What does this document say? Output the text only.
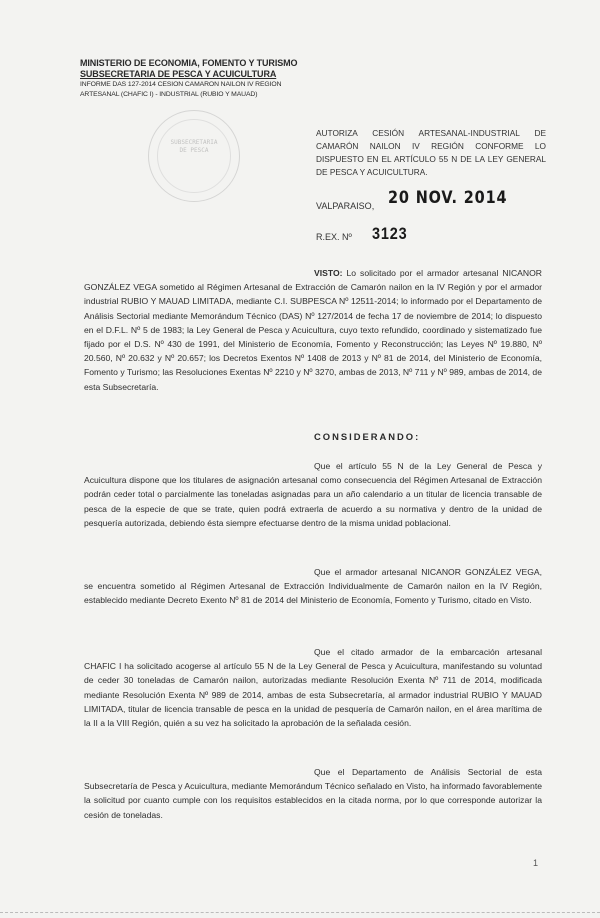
MINISTERIO DE ECONOMIA, FOMENTO Y TURISMO
SUBSECRETARIA DE PESCA Y ACUICULTURA
INFORME DAS 127-2014 CESION CAMARON NAILON IV REGION
ARTESANAL (CHAFIC I) - INDUSTRIAL (RUBIO Y MAUAD)
SUBSECRETARIA DE PESCA
AUTORIZA CESIÓN ARTESANAL-INDUSTRIAL DE CAMARÓN NAILON IV REGIÓN CONFORME LO DISPUESTO EN EL ARTÍCULO 55 N DE LA LEY GENERAL DE PESCA Y ACUICULTURA.
VALPARAISO, 20 NOV. 2014
R.EX. Nº 3123
VISTO: Lo solicitado por el armador artesanal NICANOR GONZÁLEZ VEGA sometido al Régimen Artesanal de Extracción de Camarón nailon en la IV Región y por el armador industrial RUBIO Y MAUAD LIMITADA, mediante C.I. SUBPESCA Nº 12511-2014; lo informado por el Departamento de Análisis Sectorial mediante Memorándum Técnico (DAS) Nº 127/2014 de fecha 17 de noviembre de 2014; lo dispuesto en el D.F.L. Nº 5 de 1983; la Ley General de Pesca y Acuicultura, cuyo texto refundido, coordinado y sistematizado fue fijado por el D.S. Nº 430 de 1991, del Ministerio de Economía, Fomento y Reconstrucción; las Leyes Nº 19.880, Nº 20.560, Nº 20.632 y Nº 20.657; los Decretos Exentos Nº 1408 de 2013 y Nº 81 de 2014, del Ministerio de Economía, Fomento y Turismo; las Resoluciones Exentas Nº 2210 y Nº 3270, ambas de 2013, Nº 711 y Nº 989, ambas de 2014, de esta Subsecretaría.
CONSIDERANDO:
Que el artículo 55 N de la Ley General de Pesca y Acuicultura dispone que los titulares de asignación artesanal como consecuencia del Régimen Artesanal de Extracción podrán ceder total o parcialmente las toneladas asignadas para un año calendario a un titular de licencia transable de pesca de la especie de que se trate, quien podrá extraerla de acuerdo a su normativa y dentro de la unidad de pesquería autorizada, debiendo ésta siempre efectuarse dentro de la misma unidad poblacional.
Que el armador artesanal NICANOR GONZÁLEZ VEGA, se encuentra sometido al Régimen Artesanal de Extracción Individualmente de Camarón nailon en la IV Región, establecido mediante Decreto Exento Nº 81 de 2014 del Ministerio de Economía, Fomento y Turismo, citado en Visto.
Que el citado armador de la embarcación artesanal CHAFIC I ha solicitado acogerse al artículo 55 N de la Ley General de Pesca y Acuicultura, manifestando su voluntad de ceder 30 toneladas de Camarón nailon, autorizadas mediante Resolución Exenta Nº 711 de 2014, modificada mediante Resolución Exenta Nº 989 de 2014, ambas de esta Subsecretaría, al armador industrial RUBIO Y MAUAD LIMITADA, titular de licencia transable de pesca en la unidad de pesquería de Camarón nailon, en el área marítima de la II a la VIII Región, quién a su vez ha solicitado la aprobación de la señalada cesión.
Que el Departamento de Análisis Sectorial de esta Subsecretaría de Pesca y Acuicultura, mediante Memorándum Técnico señalado en Visto, ha informado favorablemente la solicitud por cuanto cumple con los requisitos establecidos en la citada norma, por lo que corresponde autorizar la cesión de toneladas.
1
